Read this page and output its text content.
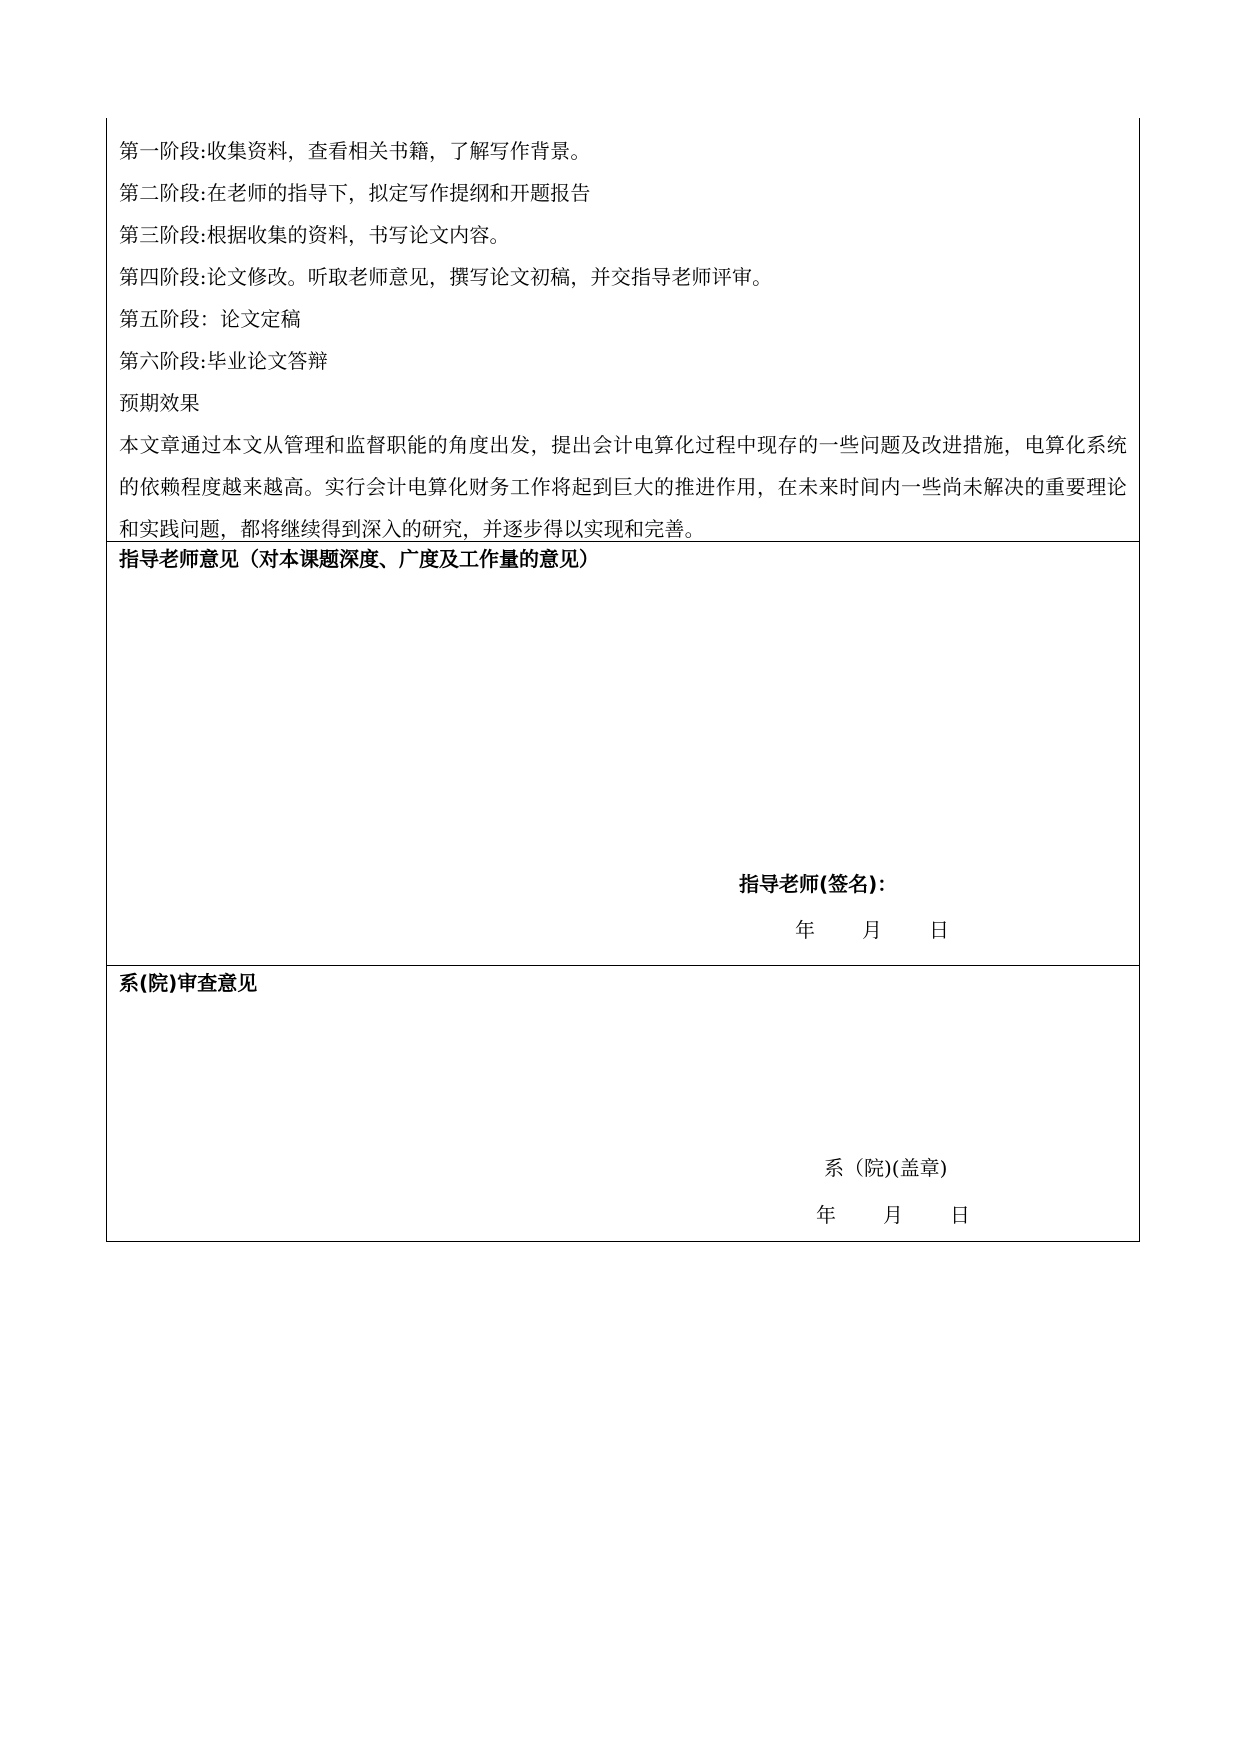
第一阶段:收集资料，查看相关书籍，了解写作背景。
第二阶段:在老师的指导下，拟定写作提纲和开题报告
第三阶段:根据收集的资料，书写论文内容。
第四阶段:论文修改。听取老师意见，撰写论文初稿，并交指导老师评审。
第五阶段：论文定稿
第六阶段:毕业论文答辩
预期效果
本文章通过本文从管理和监督职能的角度出发，提出会计电算化过程中现存的一些问题及改进措施，电算化系统的依赖程度越来越高。实行会计电算化财务工作将起到巨大的推进作用，在未来时间内一些尚未解决的重要理论和实践问题，都将继续得到深入的研究，并逐步得以实现和完善。
指导老师意见（对本课题深度、广度及工作量的意见）
指导老师(签名)：
年	月	日
系(院)审查意见
系（院)(盖章)
年	月	日
